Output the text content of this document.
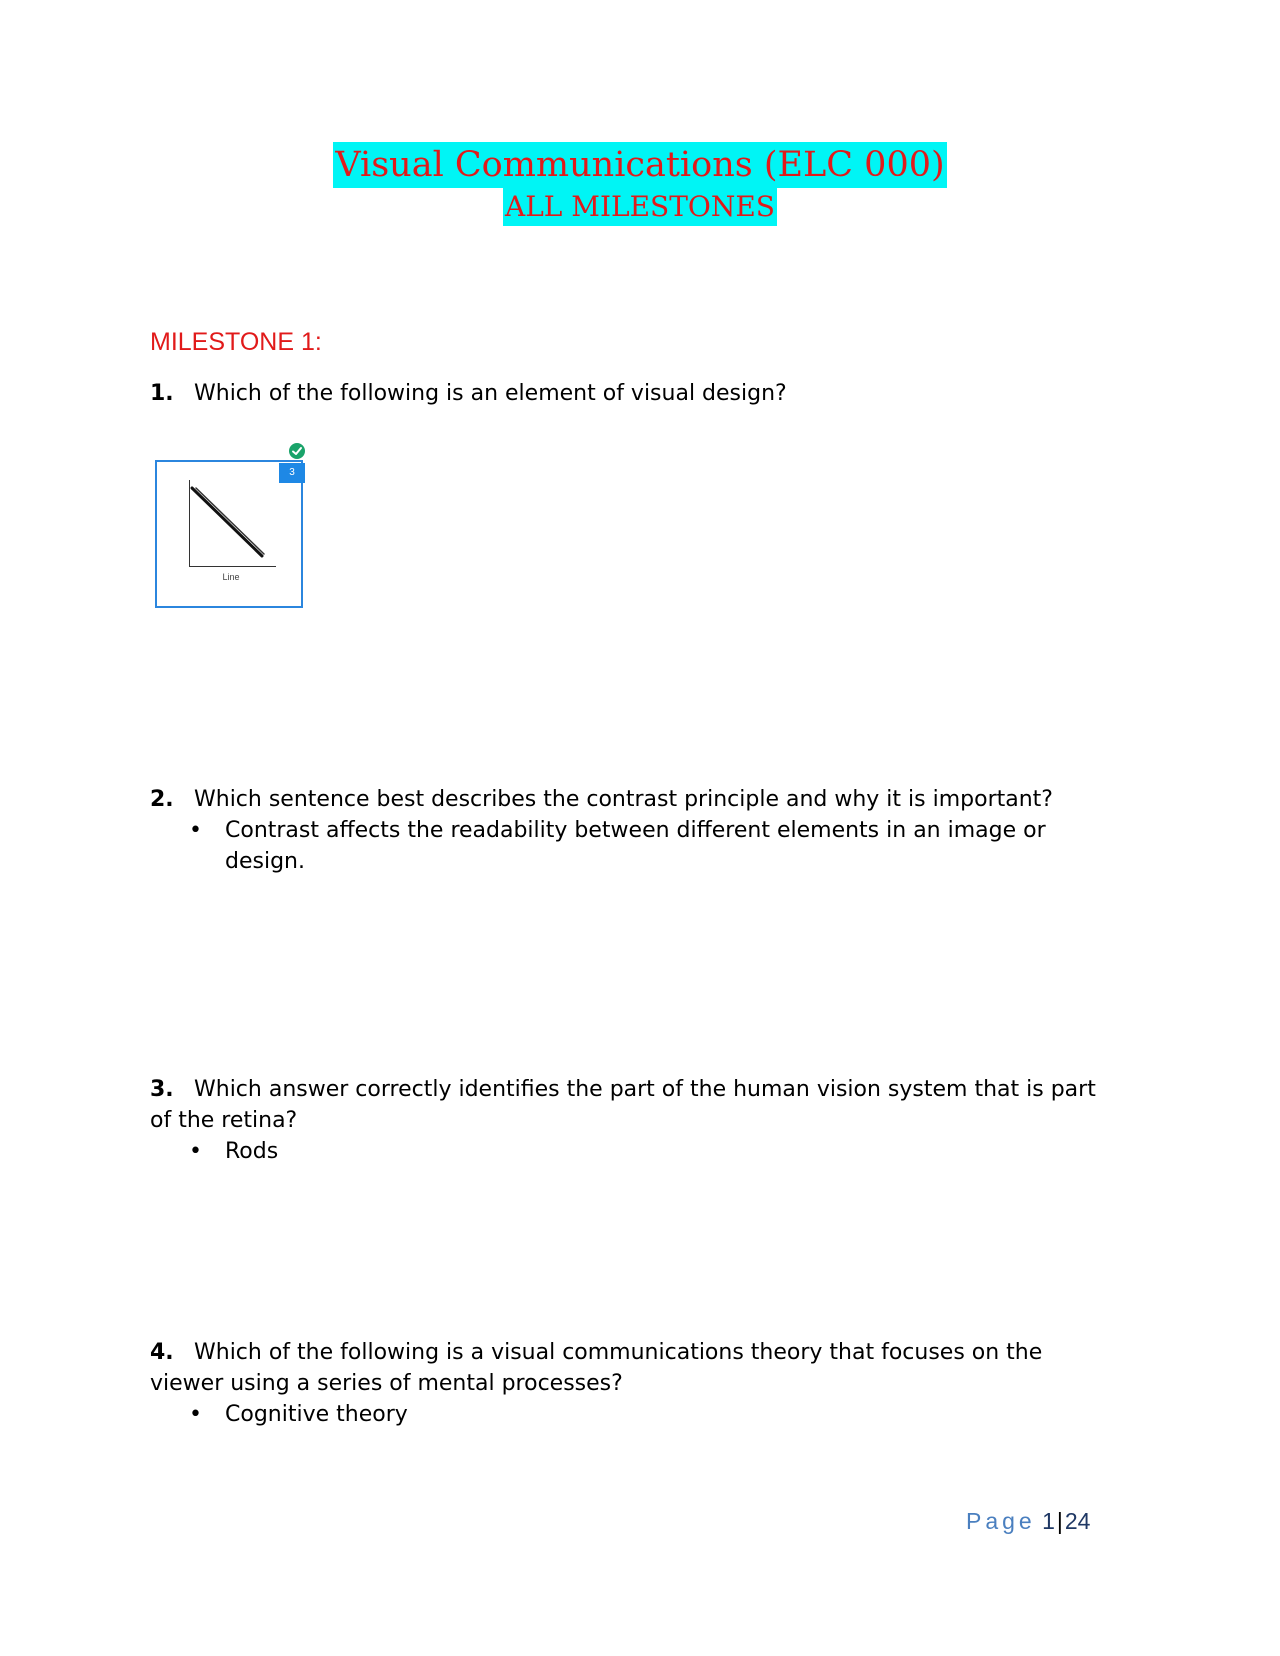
Visual Communications (ELC 000)
ALL MILESTONES
MILESTONE 1:
1. Which of the following is an element of visual design?
Line
3
2. Which sentence best describes the contrast principle and why it is important?
• Contrast affects the readability between different elements in an image or design.
3. Which answer correctly identifies the part of the human vision system that is part of the retina?
• Rods
4. Which of the following is a visual communications theory that focuses on the viewer using a series of mental processes?
• Cognitive theory
Page 1|24
